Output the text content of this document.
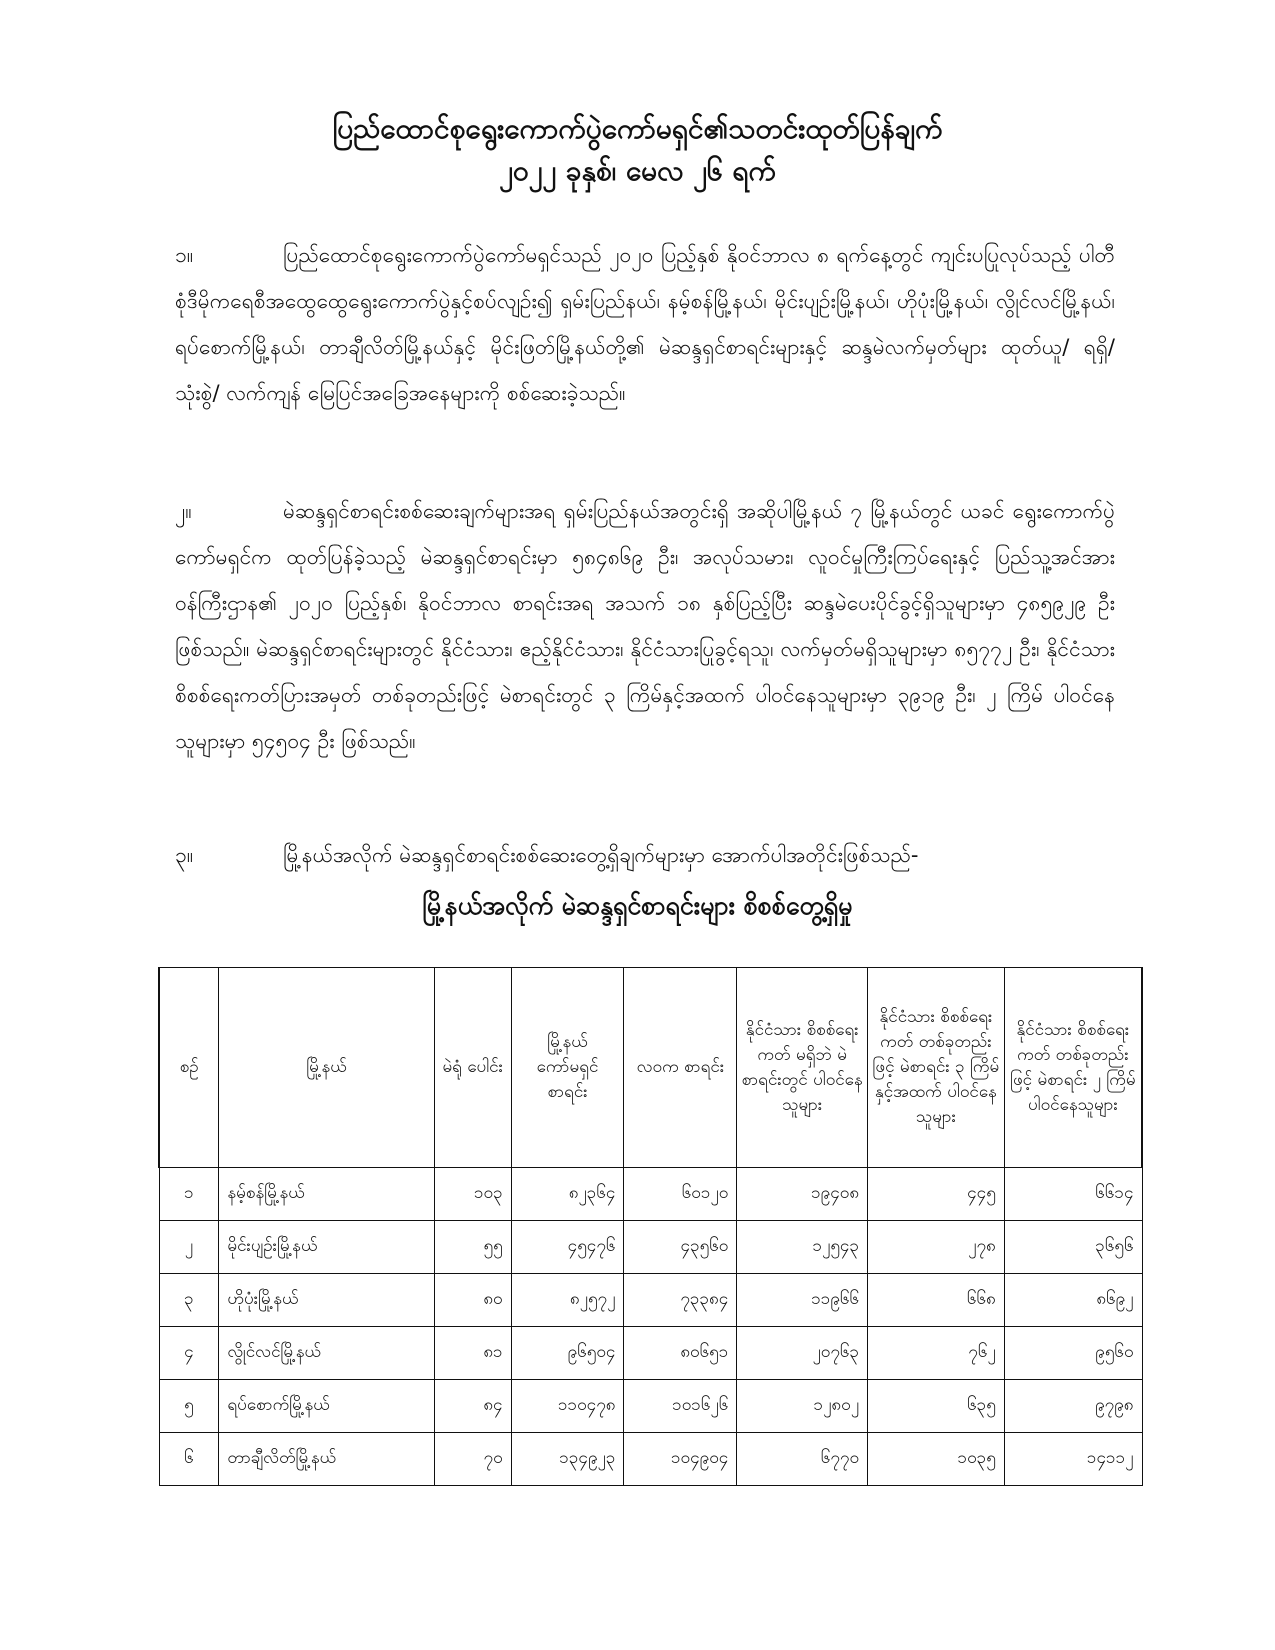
ပြည်ထောင်စုရွေးကောက်ပွဲကော်မရှင်၏သတင်းထုတ်ပြန်ချက်
၂၀၂၂ ခုနှစ်၊ မေလ ၂၆ ရက်
၁။	ပြည်ထောင်စုရွေးကောက်ပွဲကော်မရှင်သည် ၂၀၂၀ ပြည့်နှစ် နိုဝင်ဘာလ ၈ ရက်နေ့တွင် ကျင်းပပြုလုပ်သည့် ပါတီစုံဒီမိုကရေစီအထွေထွေရွေးကောက်ပွဲနှင့်စပ်လျဉ်း၍ ရှမ်းပြည်နယ်၊ နမ့်စန်မြို့နယ်၊ မိုင်းပျဉ်းမြို့နယ်၊ ဟိုပုံးမြို့နယ်၊ လွိုင်လင်မြို့နယ်၊ ရပ်စောက်မြို့နယ်၊ တာချီလိတ်မြို့နယ်နှင့် မိုင်းဖြတ်မြို့နယ်တို့၏ မဲဆန္ဒရှင်စာရင်းများနှင့် ဆန္ဒမဲလက်မှတ်များ ထုတ်ယူ/ ရရှိ/ သုံးစွဲ/ လက်ကျန် မြေပြင်အခြေအနေများကို စစ်ဆေးခဲ့သည်။
၂။	မဲဆန္ဒရှင်စာရင်းစစ်ဆေးချက်များအရ ရှမ်းပြည်နယ်အတွင်းရှိ အဆိုပါမြို့နယ် ၇ မြို့နယ်တွင် ယခင် ရွေးကောက်ပွဲကော်မရှင်က ထုတ်ပြန်ခဲ့သည့် မဲဆန္ဒရှင်စာရင်းမှာ ၅၈၄၈၆၉ ဦး၊ အလုပ်သမား၊ လူဝင်မှုကြီးကြပ်ရေးနှင့် ပြည်သူ့အင်အားဝန်ကြီးဌာန၏ ၂၀၂၀ ပြည့်နှစ်၊ နိုဝင်ဘာလ စာရင်းအရ အသက် ၁၈ နှစ်ပြည့်ပြီး ဆန္ဒမဲပေးပိုင်ခွင့်ရှိသူများမှာ ၄၈၅၉၂၉ ဦး ဖြစ်သည်။ မဲဆန္ဒရှင်စာရင်းများတွင် နိုင်ငံသား၊ ဧည့်နိုင်ငံသား၊ နိုင်ငံသားပြုခွင့်ရသူ၊ လက်မှတ်မရှိသူများမှာ ၈၅၇၇၂ ဦး၊ နိုင်ငံသား စိစစ်ရေးကတ်ပြားအမှတ် တစ်ခုတည်းဖြင့် မဲစာရင်းတွင် ၃ ကြိမ်နှင့်အထက် ပါဝင်နေသူများမှာ ၃၉၁၉ ဦး၊ ၂ ကြိမ် ပါဝင်နေသူများမှာ ၅၄၅၀၄ ဦး ဖြစ်သည်။
၃။	မြို့နယ်အလိုက် မဲဆန္ဒရှင်စာရင်းစစ်ဆေးတွေ့ရှိချက်များမှာ အောက်ပါအတိုင်းဖြစ်သည်-
မြို့နယ်အလိုက် မဲဆန္ဒရှင်စာရင်းများ စိစစ်တွေ့ရှိမှု
စဉ်	မြို့နယ်	မဲရုံ ပေါင်း	မြို့နယ် ကော်မရှင် စာရင်း	လဝက စာရင်း	နိုင်ငံသား စိစစ်ရေးကတ် မရှိဘဲ မဲစာရင်းတွင် ပါဝင်နေသူများ	နိုင်ငံသား စိစစ်ရေးကတ် တစ်ခုတည်းဖြင့် မဲစာရင်း ၃ ကြိမ် နှင့်အထက် ပါဝင်နေသူများ	နိုင်ငံသား စိစစ်ရေးကတ် တစ်ခုတည်းဖြင့် မဲစာရင်း ၂ ကြိမ် ပါဝင်နေသူများ
၁	နမ့်စန်မြို့နယ်	၁၀၃	၈၂၃၆၄	၆၀၁၂၀	၁၉၄၀၈	၄၄၅	၆၆၁၄
၂	မိုင်းပျဉ်းမြို့နယ်	၅၅	၄၅၄၇၆	၄၃၅၆၀	၁၂၅၄၃	၂၇၈	၃၆၅၆
၃	ဟိုပုံးမြို့နယ်	၈၀	၈၂၅၇၂	၇၃၃၈၄	၁၁၉၆၆	၆၆၈	၈၆၉၂
၄	လွိုင်လင်မြို့နယ်	၈၁	၉၆၅၀၄	၈၀၆၅၁	၂၀၇၆၃	၇၆၂	၉၅၆၀
၅	ရပ်စောက်မြို့နယ်	၈၄	၁၁၀၄၇၈	၁၀၁၆၂၆	၁၂၈၀၂	၆၃၅	၉၇၉၈
၆	တာချီလိတ်မြို့နယ်	၇၀	၁၃၄၉၂၃	၁၀၄၉၀၄	၆၇၇၀	၁၀၃၅	၁၄၁၁၂
